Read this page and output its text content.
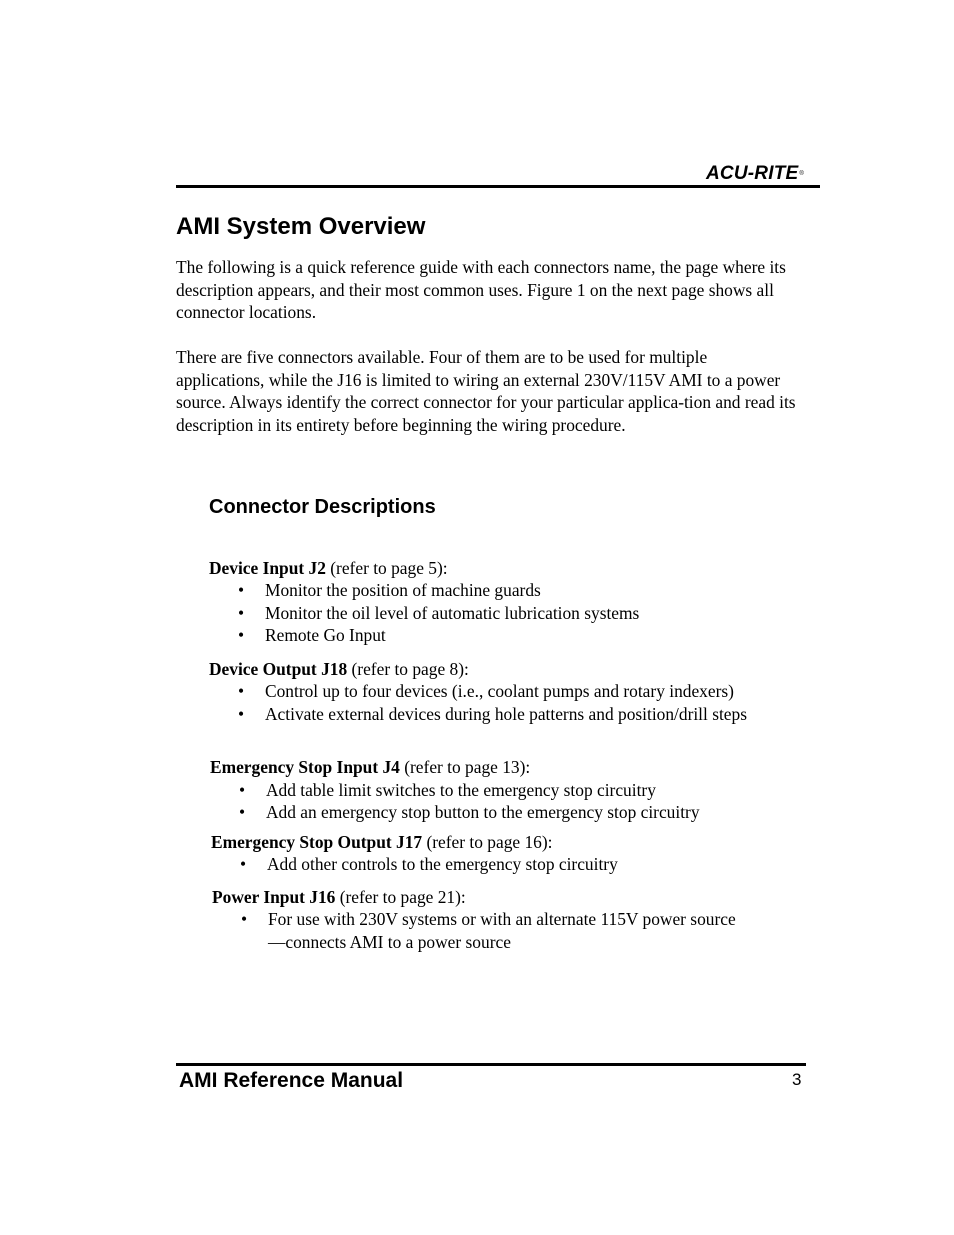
ACU-RITE®
AMI System Overview

The following is a quick reference guide with each connectors name, the page where its description appears, and their most common uses. Figure 1 on the next page shows all connector locations.

There are five connectors available. Four of them are to be used for multiple applications, while the J16 is limited to wiring an external 230V/115V AMI to a power source. Always identify the correct connector for your particular applica-tion and read its description in its entirety before beginning the wiring procedure.

Connector Descriptions
Device Input J2 (refer to page 5):
• Monitor the position of machine guards
• Monitor the oil level of automatic lubrication systems
• Remote Go Input
Device Output J18 (refer to page 8):
• Control up to four devices (i.e., coolant pumps and rotary indexers)
• Activate external devices during hole patterns and position/drill steps
Emergency Stop Input J4 (refer to page 13):
• Add table limit switches to the emergency stop circuitry
• Add an emergency stop button to the emergency stop circuitry
Emergency Stop Output J17 (refer to page 16):
• Add other controls to the emergency stop circuitry
Power Input J16 (refer to page 21):
• For use with 230V systems or with an alternate 115V power source—connects AMI to a power source
AMI Reference Manual	3
